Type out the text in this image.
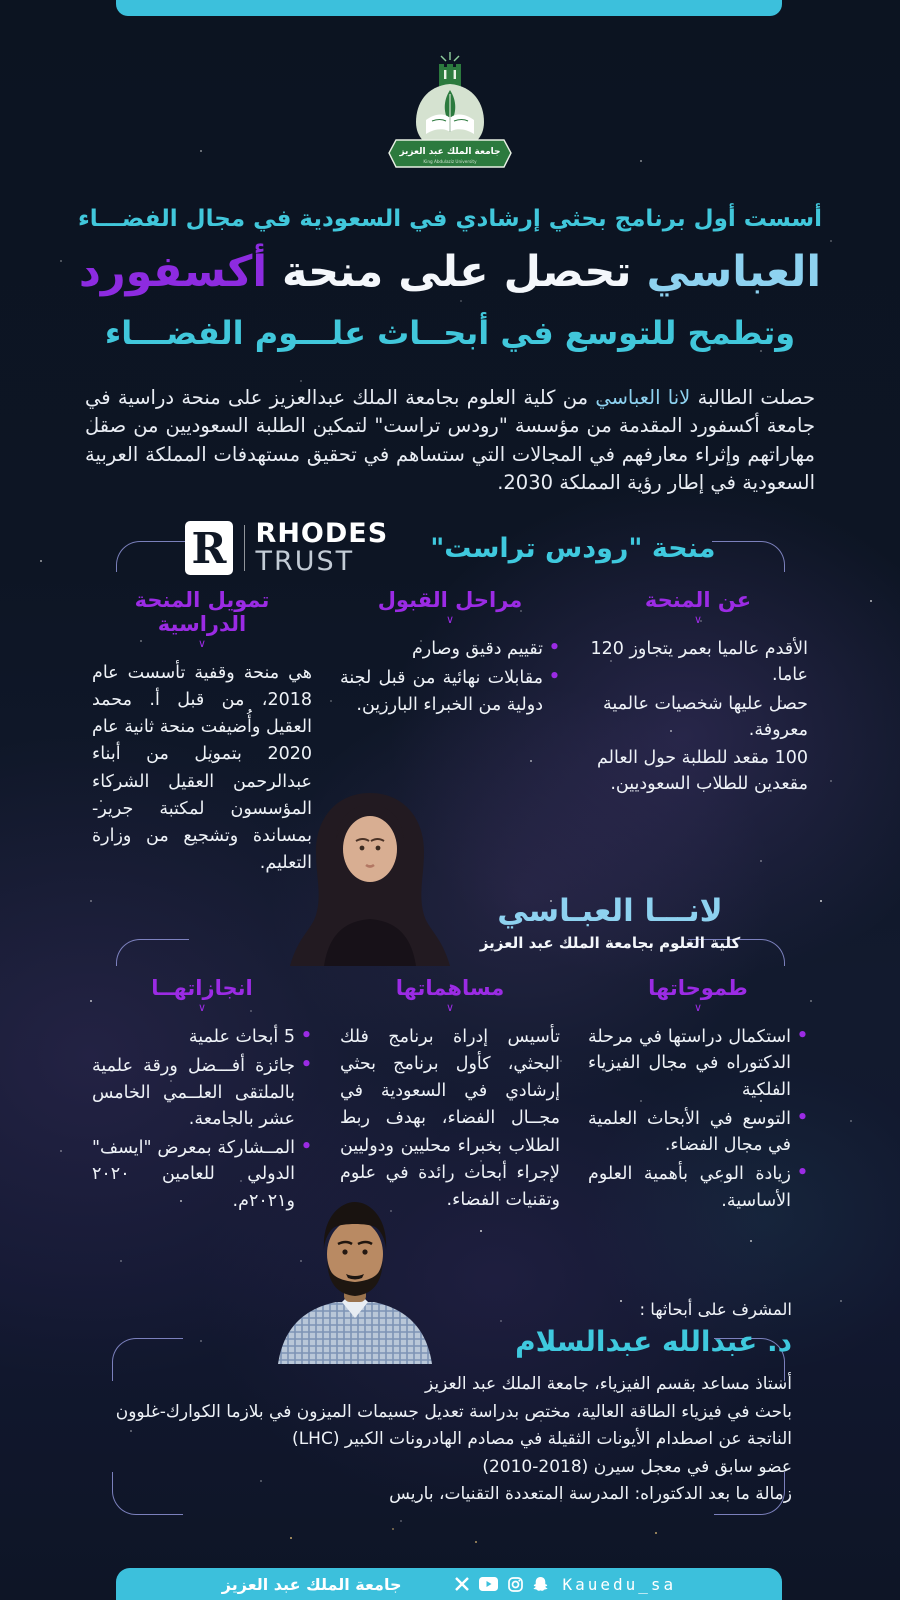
جامعة الملك عبد العزيز
King Abdulaziz University
أسست أول برنامج بحثي إرشادي في السعودية في مجال الفضـــاء
العباسي تحصل على منحة أكسفورد
وتطمح للتوسع في أبحــاث علـــوم الفضـــاء

حصلت الطالبة لانا العباسي من كلية العلوم بجامعة الملك عبدالعزيز على منحة دراسية في جامعة أكسفورد المقدمة من مؤسسة "رودس تراست" لتمكين الطلبة السعوديين من صقل مهاراتهم وإثراء معارفهم في المجالات التي ستساهم في تحقيق مستهدفات المملكة العربية السعودية في إطار رؤية المملكة 2030.

منحة "رودس تراست"
R RHODES
TRUST
عن المنحة
∨

الأقدم عالميا بعمر يتجاوز 120 عاما.

حصل عليها شخصيات عالمية معروفة.

100 مقعد للطلبة حول العالم مقعدين للطلاب السعوديين.

مراحل القبول
∨
• تقييم دقيق وصارم
• مقابلات نهائية من قبل لجنة دولية من الخبراء البارزين.
تمويل المنحة الدراسية
∨

هي منحة وقفية تأسست عام 2018، من قبل أ. محمد العقيل وأُضيفت منحة ثانية عام 2020 بتمويل من أبناء عبدالرحمن العقيل الشركاء المؤسسون لمكتبة جرير- بمساندة وتشجيع من وزارة التعليم.

لانـــا العبـاسي
كلية العلوم بجامعة الملك عبد العزيز
طموحاتها
∨
• استكمال دراستها في مرحلة الدكتوراه في مجال الفيزياء الفلكية
• التوسع في الأبحاث العلمية في مجال الفضاء.
• زيادة الوعي بأهمية العلوم الأساسية.
مساهماتها
∨

تأسيس إدراة برنامج فلك البحثي، كأول برنامج بحثي إرشادي في السعودية في مجــال الفضاء، بهدف ربط الطلاب بخبراء محليين ودوليين لإجراء أبحاث رائدة في علوم وتقنيات الفضاء.

انجازاتهــا
∨
• 5 أبحاث علمية
• جائزة أفـــضل ورقة علمية بالملتقى العلــمي الخامس عشر بالجامعة.
• المــشاركة بمعرض "ايسف" الدولي للعامين ٢٠٢٠ و٢٠٢١م.
المشرف على أبحاثها :
د. عبدالله عبدالسلام
أستاذ مساعد بقسم الفيزياء، جامعة الملك عبد العزيز
باحث في فيزياء الطاقة العالية، مختص بدراسة تعديل جسيمات الميزون في بلازما الكوارك-غلوون
الناتجة عن اصطدام الأيونات الثقيلة في مصادم الهادرونات الكبير (LHC)
عضو سابق في معجل سيرن (2018-2010)
زمالة ما بعد الدكتوراه: المدرسة المتعددة التقنيات، باريس
جامعة الملك عبد العزيز	Kauedu_sa
